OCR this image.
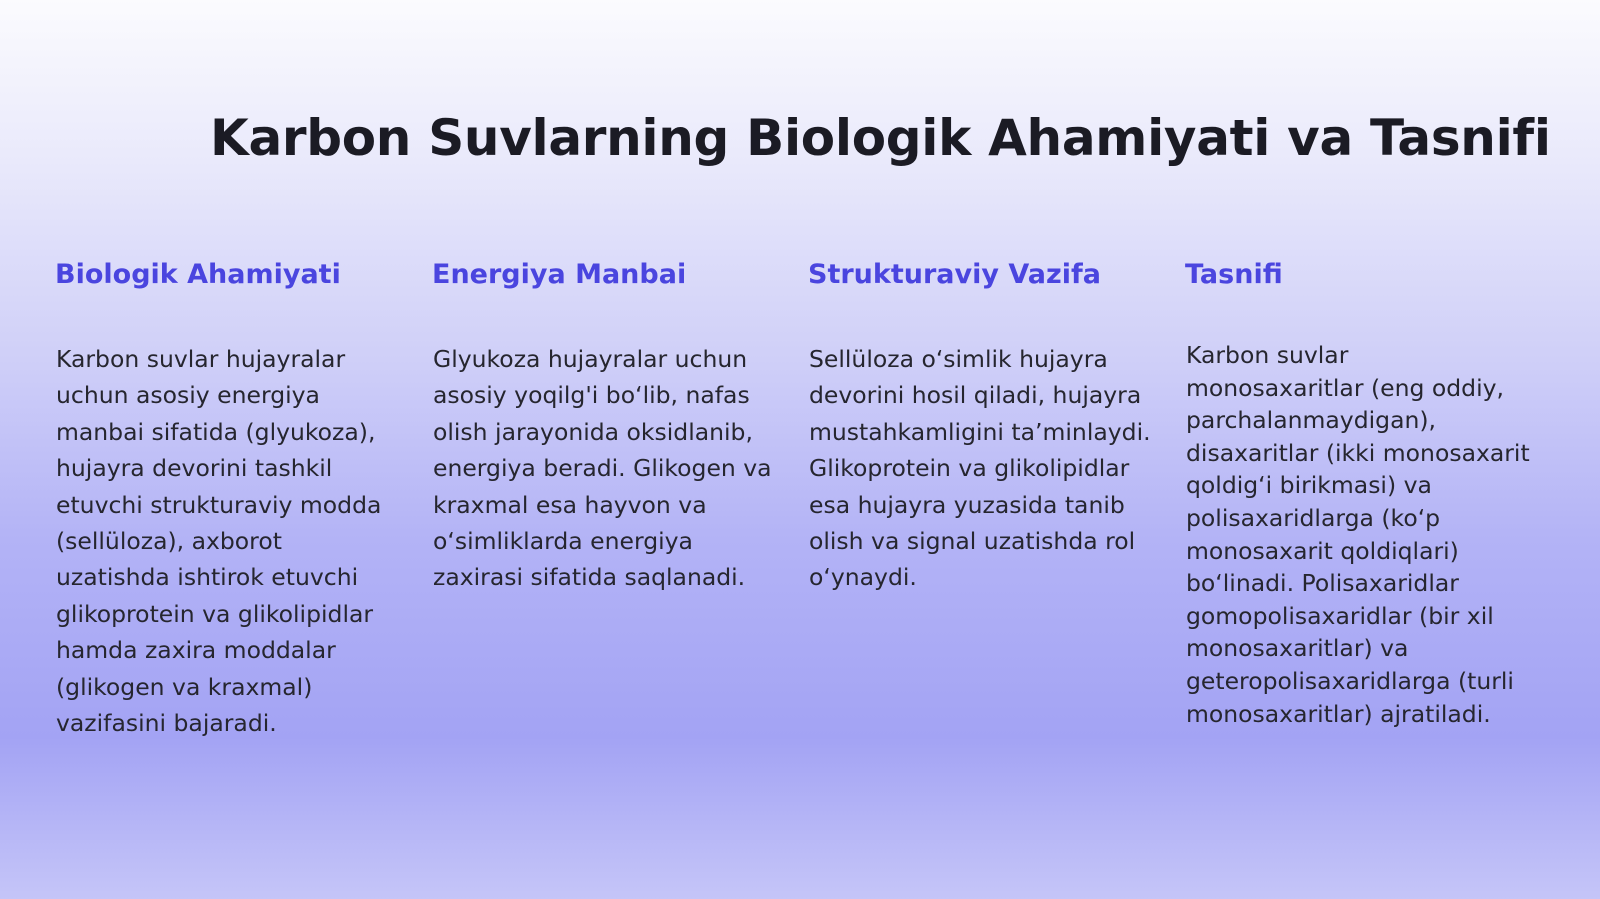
Karbon Suvlarning Biologik Ahamiyati va Tasnifi
Biologik Ahamiyati

Karbon suvlar hujayralar uchun asosiy energiya manbai sifatida (glyukoza), hujayra devorini tashkil etuvchi strukturaviy modda (sellüloza), axborot uzatishda ishtirok etuvchi glikoprotein va glikolipidlar hamda zaxira moddalar (glikogen va kraxmal) vazifasini bajaradi.

Energiya Manbai

Glyukoza hujayralar uchun asosiy yoqilg'i bo‘lib, nafas olish jarayonida oksidlanib, energiya beradi. Glikogen va kraxmal esa hayvon va o‘simliklarda energiya zaxirasi sifatida saqlanadi.

Strukturaviy Vazifa

Sellüloza o‘simlik hujayra devorini hosil qiladi, hujayra mustahkamligini ta’minlaydi. Glikoprotein va glikolipidlar esa hujayra yuzasida tanib olish va signal uzatishda rol o‘ynaydi.

Tasnifi

Karbon suvlar monosaxaritlar (eng oddiy, parchalanmaydigan), disaxaritlar (ikki monosaxarit qoldig‘i birikmasi) va polisaxaridlarga (ko‘p monosaxarit qoldiqlari) bo‘linadi. Polisaxaridlar gomopolisaxaridlar (bir xil monosaxaritlar) va geteropolisaxaridlarga (turli monosaxaritlar) ajratiladi.
